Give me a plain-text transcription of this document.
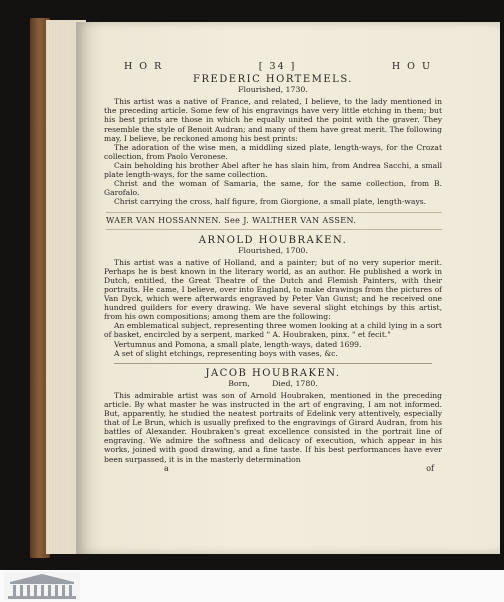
H O R	[ 34 ]	H O U
FREDERIC HORTEMELS.
Flourished, 1730.

This artist was a native of France, and related, I believe, to the lady mentioned in the preceding article. Some few of his engravings have very little etching in them; but his best prints are those in which he equally united the point with the graver. They resemble the style of Benoit Audran; and many of them have great merit. The following may, I believe, be reckoned among his best prints:

The adoration of the wise men, a middling sized plate, length-ways, for the Crozat collection, from Paolo Veronese.

Cain beholding his brother Abel after he has slain him, from Andrea Sacchi, a small plate length-ways, for the same collection.

Christ and the woman of Samaria, the same, for the same collection, from B. Garofalo.

Christ carrying the cross, half figure, from Giorgione, a small plate, length-ways.

WAER VAN HOSSANNEN. See J. WALTHER VAN ASSEN.
ARNOLD HOUBRAKEN.
Flourished, 1700.

This artist was a native of Holland, and a painter; but of no very superior merit. Perhaps he is best known in the literary world, as an author. He published a work in Dutch, entitled, the Great Theatre of the Dutch and Flemish Painters, with their portraits. He came, I believe, over into England, to make drawings from the pictures of Van Dyck, which were afterwards engraved by Peter Van Gunst; and he received one hundred guilders for every drawing. We have several slight etchings by this artist, from his own compositions; among them are the following:

An emblematical subject, representing three women looking at a child lying in a sort of basket, encircled by a serpent, marked " A. Houbraken, pinx. " et fecit."

Vertumnus and Pomona, a small plate, length-ways, dated 1699.

A set of slight etchings, representing boys with vases, &c.

JACOB HOUBRAKEN.
Born,	Died, 1780.

This admirable artist was son of Arnold Houbraken, mentioned in the preceding article. By what master he was instructed in the art of engraving, I am not informed. But, apparently, he studied the neatest portraits of Edelink very attentively, especially that of Le Brun, which is usually prefixed to the engravings of Girard Audran, from his battles of Alexander. Houbraken's great excellence consisted in the portrait line of engraving. We admire the softness and delicacy of execution, which appear in his works, joined with good drawing, and a fine taste. If his best performances have ever been surpassed, it is in the masterly determination

a	of
